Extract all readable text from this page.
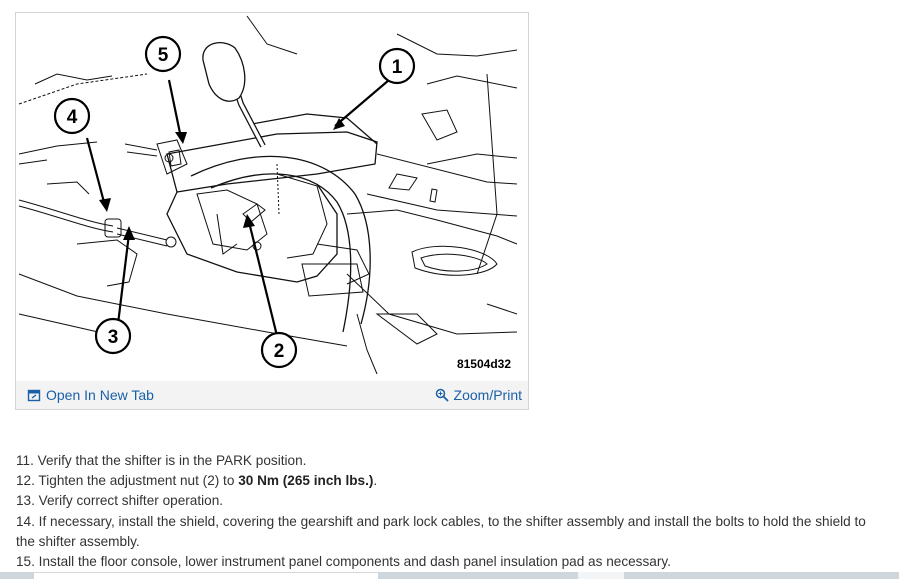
1
2
3
4
5
81504d32
Open In New Tab	Zoom/Print

11. Verify that the shifter is in the PARK position.

12. Tighten the adjustment nut (2) to 30 Nm (265 inch lbs.).

13. Verify correct shifter operation.

14. If necessary, install the shield, covering the gearshift and park lock cables, to the shifter assembly and install the bolts to hold the shield to the shifter assembly.

15. Install the floor console, lower instrument panel components and dash panel insulation pad as necessary.
